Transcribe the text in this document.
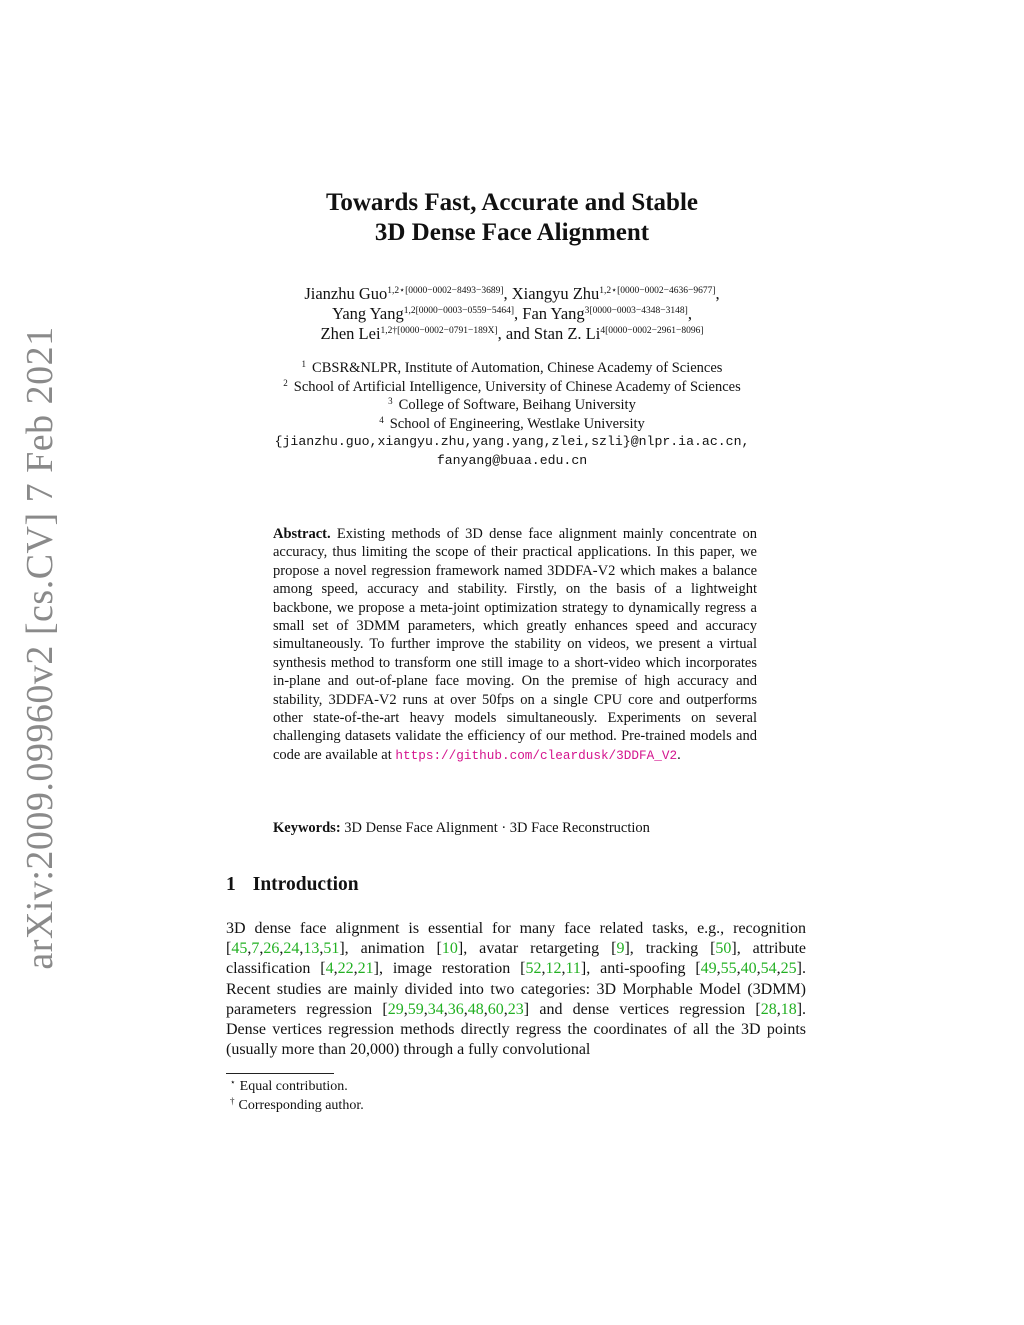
arXiv:2009.09960v2 [cs.CV] 7 Feb 2021
Towards Fast, Accurate and Stable
3D Dense Face Alignment
Jianzhu Guo$^{1,2⋆[0000-0002-8493-3689]}$, Xiangyu Zhu$^{1,2⋆[0000-0002-4636-9677]}$,
Yang Yang$^{1,2[0000-0003-0559-5464]}$, Fan Yang$^{3[0000-0003-4348-3148]}$,
Zhen Lei$^{1,2\dagger[0000-0002-0791-189X]}$, and Stan Z. $Li^{4[0000-0002-2961-8096]}$
$^1$ CBSR&NLPR, Institute of Automation, Chinese Academy of Sciences
$^2$ School of Artificial Intelligence, University of Chinese Academy of Sciences
$^3$ College of Software, Beihang University
$^4$ School of Engineering, Westlake University
{jianzhu.guo,xiangyu.zhu,yang.yang,zlei,szli}@nlpr.ia.ac.cn,
fanyang@buaa.edu.cn
Abstract. Existing methods of 3D dense face alignment mainly concentrate on accuracy, thus limiting the scope of their practical applications. In this paper, we propose a novel regression framework named 3DDFA-V2 which makes a balance among speed, accuracy and stability. Firstly, on the basis of a lightweight backbone, we propose a meta-joint optimization strategy to dynamically regress a small set of 3DMM parameters, which greatly enhances speed and accuracy simultaneously. To further improve the stability on videos, we present a virtual synthesis method to transform one still image to a short-video which incorporates in-plane and out-of-plane face moving. On the premise of high accuracy and stability, 3DDFA-V2 runs at over 50fps on a single CPU core and outperforms other state-of-the-art heavy models simultaneously. Experiments on several challenging datasets validate the efficiency of our method. Pre-trained models and code are available at https://github.com/cleardusk/3DDFA_V2.
Keywords: 3D Dense Face Alignment · 3D Face Reconstruction
1 Introduction
3D dense face alignment is essential for many face related tasks, e.g., recognition [45,7,26,24,13,51], animation [10], avatar retargeting [9], tracking [50], attribute classification [4,22,21], image restoration [52,12,11], anti-spoofing [49,55,40,54,25]. Recent studies are mainly divided into two categories: 3D Morphable Model (3DMM) parameters regression [29,59,34,36,48,60,23] and dense vertices regression [28,18]. Dense vertices regression methods directly regress the coordinates of all the 3D points (usually more than 20,000) through a fully convolutional
⋆ Equal contribution.
† Corresponding author.
